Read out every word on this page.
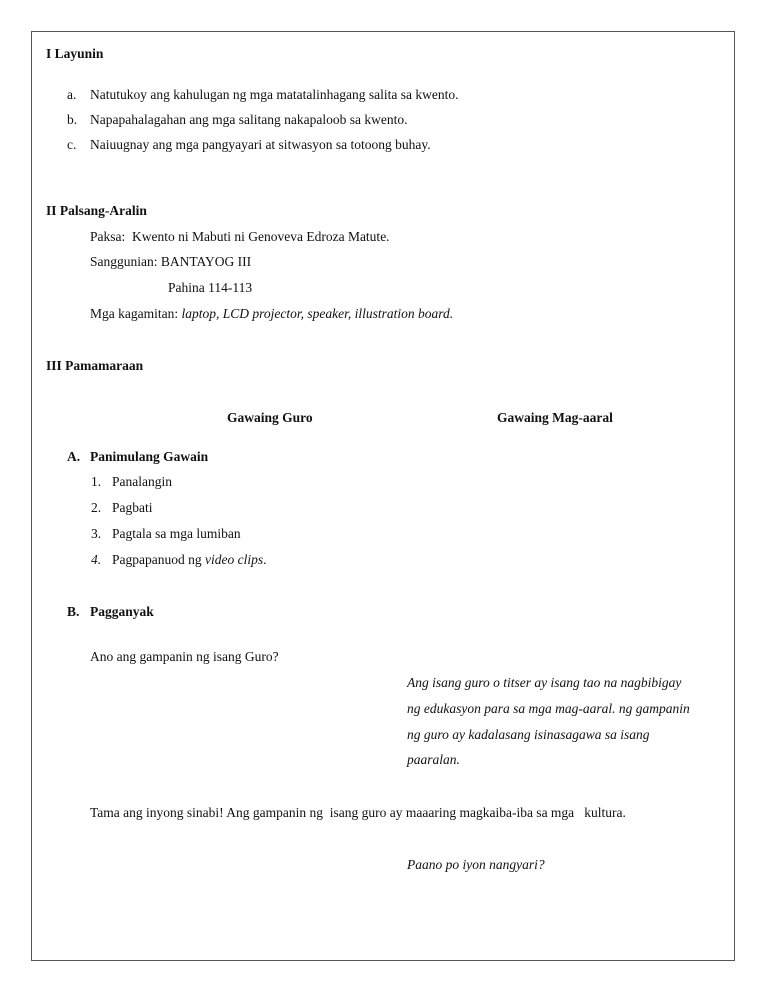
I Layunin
a. Natutukoy ang kahulugan ng mga matatalinhagang salita sa kwento.
b. Napapahalagahan ang mga salitang nakapaloob sa kwento.
c. Naiuugnay ang mga pangyayari at sitwasyon sa totoong buhay.
II Palsang-Aralin
Paksa: Kwento ni Mabuti ni Genoveva Edroza Matute.
Sanggunian: BANTAYOG III
Pahina 114-113
Mga kagamitan: laptop, LCD projector, speaker, illustration board.
III Pamamaraan
Gawaing Guro	Gawaing Mag-aaral
A. Panimulang Gawain
1. Panalangin
2. Pagbati
3. Pagtala sa mga lumiban
4. Pagpapanuod ng video clips.
B. Pagganyak
Ano ang gampanin ng isang Guro?
Ang isang guro o titser ay isang tao na nagbibigay
ng edukasyon para sa mga mag-aaral. ng gampanin
ng guro ay kadalasang isinasagawa sa isang
paaralan.
Tama ang inyong sinabi! Ang gampanin ng  isang guro ay maaaring magkaiba-iba sa mga   kultura.
Paano po iyon nangyari?
